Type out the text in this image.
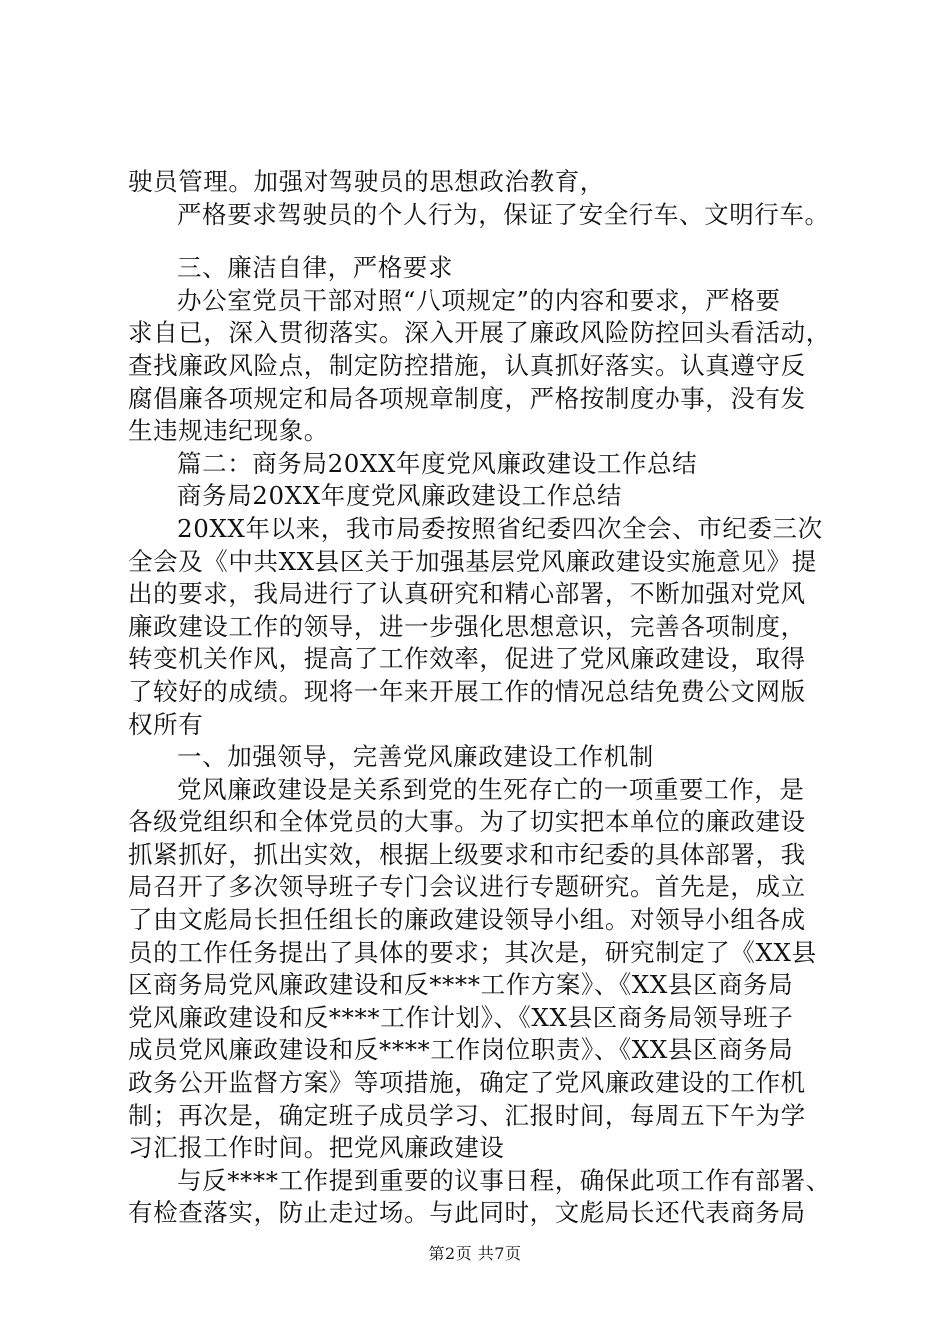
驶员管理。加强对驾驶员的思想政治教育，
严格要求驾驶员的个人行为，保证了安全行车、文明行车。
三、廉洁自律，严格要求
办公室党员干部对照“八项规定”的内容和要求，严格要
求自已，深入贯彻落实。深入开展了廉政风险防控回头看活动，
查找廉政风险点，制定防控措施，认真抓好落实。认真遵守反
腐倡廉各项规定和局各项规章制度，严格按制度办事，没有发
生违规违纪现象。
篇二：商务局20XX年度党风廉政建设工作总结
商务局20XX年度党风廉政建设工作总结
20XX年以来，我市局委按照省纪委四次全会、市纪委三次
全会及《中共XX县区关于加强基层党风廉政建设实施意见》提
出的要求，我局进行了认真研究和精心部署，不断加强对党风
廉政建设工作的领导，进一步强化思想意识，完善各项制度，
转变机关作风，提高了工作效率，促进了党风廉政建设，取得
了较好的成绩。现将一年来开展工作的情况总结免费公文网版
权所有
一、加强领导，完善党风廉政建设工作机制
党风廉政建设是关系到党的生死存亡的一项重要工作，是
各级党组织和全体党员的大事。为了切实把本单位的廉政建设
抓紧抓好，抓出实效，根据上级要求和市纪委的具体部署，我
局召开了多次领导班子专门会议进行专题研究。首先是，成立
了由文彪局长担任组长的廉政建设领导小组。对领导小组各成
员的工作任务提出了具体的要求；其次是，研究制定了《XX县
区商务局党风廉政建设和反****工作方案》、《XX县区商务局
党风廉政建设和反****工作计划》、《XX县区商务局领导班子
成员党风廉政建设和反****工作岗位职责》、《XX县区商务局
政务公开监督方案》等项措施，确定了党风廉政建设的工作机
制；再次是，确定班子成员学习、汇报时间，每周五下午为学
习汇报工作时间。把党风廉政建设
与反****工作提到重要的议事日程，确保此项工作有部署、
有检查落实，防止走过场。与此同时，文彪局长还代表商务局
第2页 共7页
